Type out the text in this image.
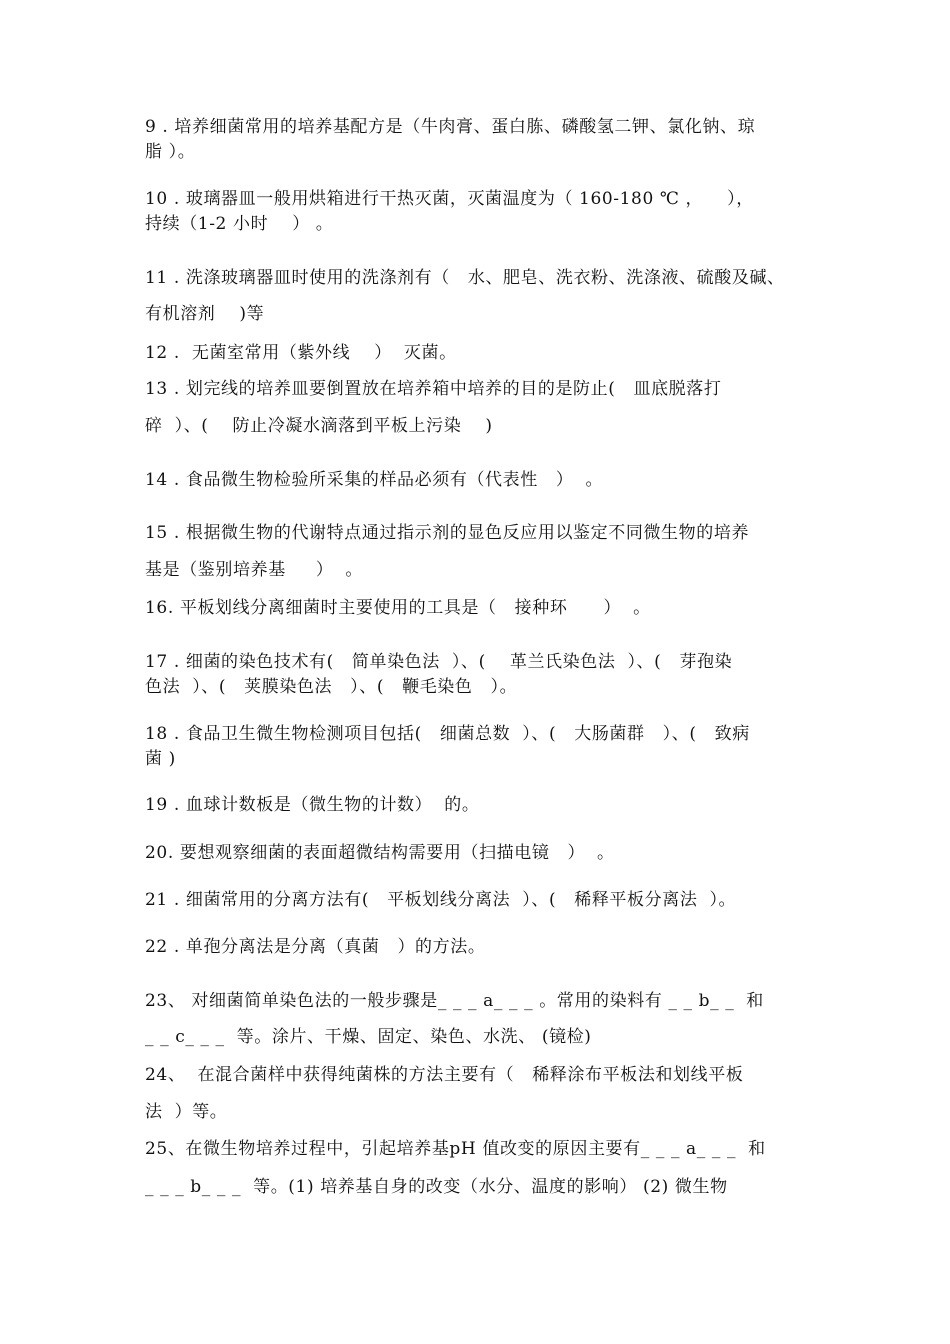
9 . 培养细菌常用的培养基配方是（牛肉膏、蛋白胨、磷酸氢二钾、氯化钠、琼
脂 ）。
10 . 玻璃器皿一般用烘箱进行干热灭菌，灭菌温度为（ 160-180 ℃ ，    ），
持续（1-2 小时    ） 。
11 . 洗涤玻璃器皿时使用的洗涤剂有（   水、肥皂、洗衣粉、洗涤液、硫酸及碱、
有机溶剂    )等
12 .  无菌室常用（紫外线    ）  灭菌。
13 . 划完线的培养皿要倒置放在培养箱中培养的目的是防止(   皿底脱落打
碎  ）、(    防止冷凝水滴落到平板上污染    )
14 . 食品微生物检验所采集的样品必须有（代表性   ）  。
15 . 根据微生物的代谢特点通过指示剂的显色反应用以鉴定不同微生物的培养
基是（鉴别培养基     ）  。
16. 平板划线分离细菌时主要使用的工具是（   接种环      ）  。
17 . 细菌的染色技术有(   简单染色法  ）、(    革兰氏染色法  ）、(   芽孢染
色法  ）、(   荚膜染色法   ）、(   鞭毛染色   ）。
18 . 食品卫生微生物检测项目包括(   细菌总数  ）、(   大肠菌群   ）、(   致病
菌 )
19 . 血球计数板是（微生物的计数）  的。
20. 要想观察细菌的表面超微结构需要用（扫描电镜   ）  。
21 . 细菌常用的分离方法有(   平板划线分离法  ）、(   稀释平板分离法  ）。
22 . 单孢分离法是分离（真菌   ）的方法。
23、 对细菌简单染色法的一般步骤是_ _ _ a_ _ _ 。常用的染料有 _ _ b_ _  和
_ _ c_ _ _  等。涂片、干燥、固定、染色、水洗、 (镜检)
24、  在混合菌样中获得纯菌株的方法主要有（   稀释涂布平板法和划线平板
法  ）等。
25、在微生物培养过程中，引起培养基pH 值改变的原因主要有_ _ _ a_ _ _  和
_ _ _ b_ _ _  等。(1) 培养基自身的改变（水分、温度的影响） (2) 微生物
